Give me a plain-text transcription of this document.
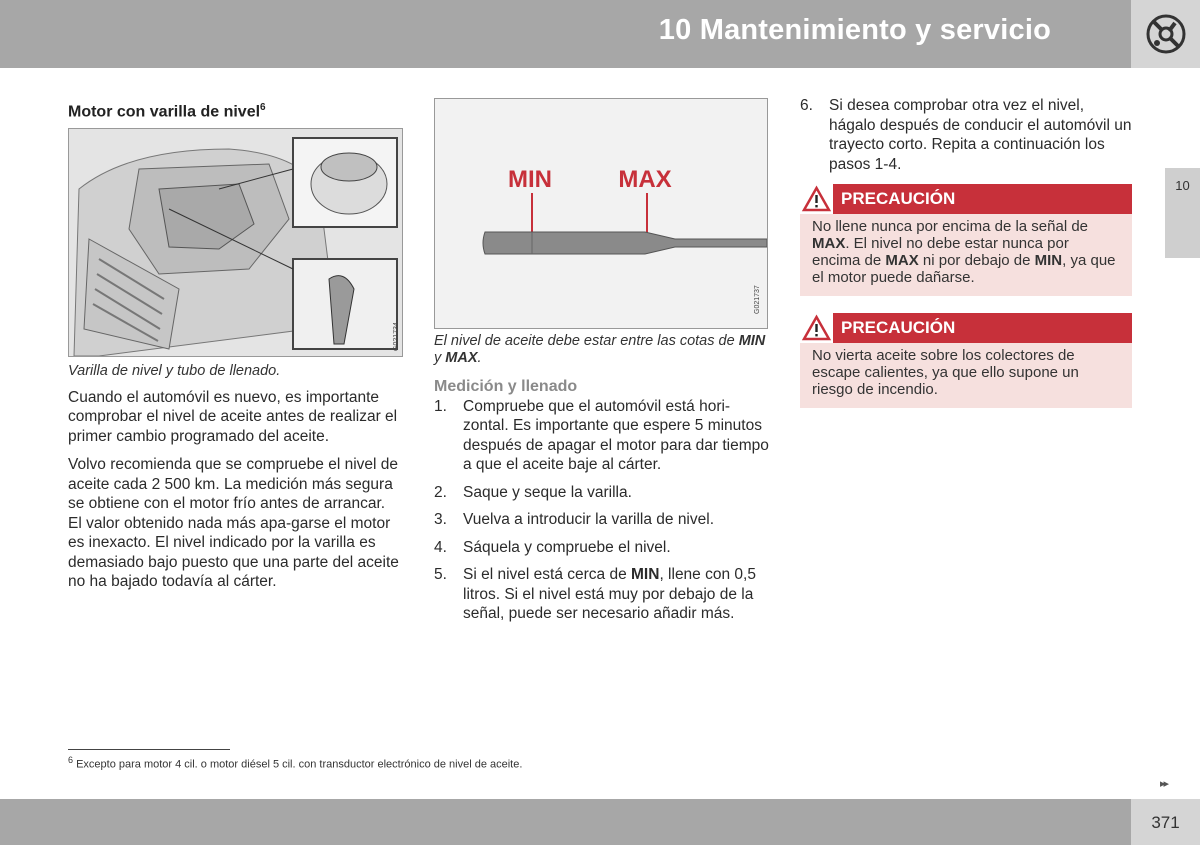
10 Mantenimiento y servicio
10
Motor con varilla de nivel$^6$
G021734

Varilla de nivel y tubo de llenado.

Cuando el automóvil es nuevo, es importante comprobar el nivel de aceite antes de realizar el primer cambio programado del aceite.

Volvo recomienda que se compruebe el nivel de aceite cada 2 500 km. La medición más segura se obtiene con el motor frío antes de arrancar. El valor obtenido nada más apa-garse el motor es inexacto. El nivel indicado por la varilla es demasiado bajo puesto que una parte del aceite no ha bajado todavía al cárter.

MIN	MAX
G021737

El nivel de aceite debe estar entre las cotas de MIN y MAX.

Medición y llenado
1. Compruebe que el automóvil está hori-zontal. Es importante que espere 5 minutos después de apagar el motor para dar tiempo a que el aceite baje al cárter.
2. Saque y seque la varilla.
3. Vuelva a introducir la varilla de nivel.
4. Sáquela y compruebe el nivel.
5. Si el nivel está cerca de MIN, llene con 0,5 litros. Si el nivel está muy por debajo de la señal, puede ser necesario añadir más.
6. Si desea comprobar otra vez el nivel, hágalo después de conducir el automóvil un trayecto corto. Repita a continuación los pasos 1-4.
PRECAUCIÓN
No llene nunca por encima de la señal de MAX. El nivel no debe estar nunca por encima de MAX ni por debajo de MIN, ya que el motor puede dañarse.
PRECAUCIÓN
No vierta aceite sobre los colectores de escape calientes, ya que ello supone un riesgo de incendio.
$^6$ Excepto para motor 4 cil. o motor diésel 5 cil. con transductor electrónico de nivel de aceite.
▸▸
371
